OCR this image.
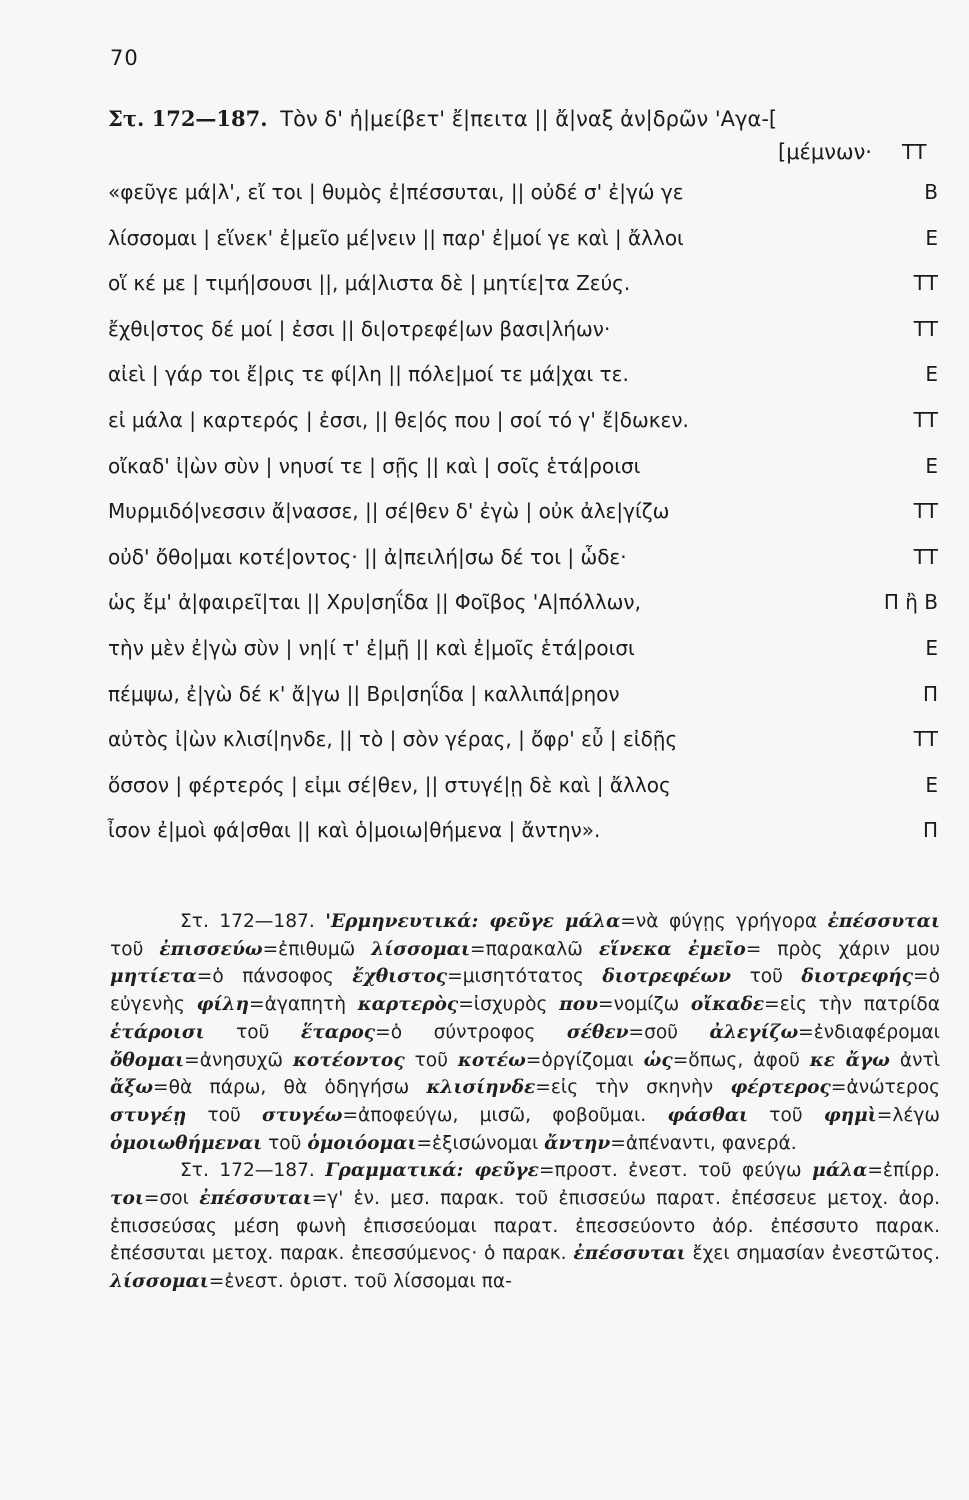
70
Στ. 172—187. Τὸν δ' ἠ|μείβετ' ἔ|πειτα || ἄ|ναξ ἀν|δρῶν 'Αγα-[
[μέμνων· ΤΤ
«φεῦγε μά|λ', εἴ τοι | θυμὸς ἐ|πέσσυται, || οὐδέ σ' ἐ|γώ γε	Β
λίσσομαι | εἵνεκ' ἐ|μεῖο μέ|νειν || παρ' ἐ|μοί γε καὶ | ἄλλοι	Ε
οἵ κέ με | τιμή|σουσι ||, μά|λιστα δὲ | μητίε|τα Ζεύς.	ΤΤ
ἔχθι|στος δέ μοί | ἐσσι || δι|οτρεφέ|ων βασι|λήων·	ΤΤ
αἰεὶ | γάρ τοι ἔ|ρις τε φί|λη || πόλε|μοί τε μά|χαι τε.	Ε
εἰ μάλα | καρτερός | ἐσσι, || θε|ός που | σοί τό γ' ἔ|δωκεν.	ΤΤ
οἴκαδ' ἰ|ὼν σὺν | νηυσί τε | σῇς || καὶ | σοῖς ἑτά|ροισι	Ε
Μυρμιδό|νεσσιν ἄ|νασσε, || σέ|θεν δ' ἐγὼ | οὐκ ἀλε|γίζω	ΤΤ
οὐδ' ὄθο|μαι κοτέ|οντος· || ἀ|πειλή|σω δέ τοι | ὧδε·	ΤΤ
ὡς ἔμ' ἀ|φαιρεῖ|ται || Χρυ|σηΐδα || Φοῖβος 'Α|πόλλων,	Π ἢ Β
τὴν μὲν ἐ|γὼ σὺν | νη|ί τ' ἐ|μῇ || καὶ ἐ|μοῖς ἑτά|ροισι	Ε
πέμψω, ἐ|γὼ δέ κ' ἄ|γω || Βρι|σηΐδα | καλλιπά|ρηον	Π
αὐτὸς ἰ|ὼν κλισί|ηνδε, || τὸ | σὸν γέρας, | ὄφρ' εὖ | εἰδῇς	ΤΤ
ὅσσον | φέρτερός | εἰμι σέ|θεν, || στυγέ|ῃ δὲ καὶ | ἄλλος	Ε
ἶσον ἐ|μοὶ φά|σθαι || καὶ ὁ|μοιω|θήμενα | ἄντην».	Π

Στ. 172—187. 'Ερμηνευτικά: φεῦγε μάλα=νὰ φύγῃς γρήγορα ἐπέσσυται τοῦ ἐπισσεύω=ἐπιθυμῶ λίσσομαι=παρακαλῶ εἵνεκα ἐμεῖο= πρὸς χάριν μου μητίετα=ὁ πάνσοφος ἔχθιστος=μισητότατος διοτρεφέων τοῦ διοτρεφής=ὁ εὐγενὴς φίλη=ἀγαπητὴ καρτερὸς=ἰσχυρὸς που=νομίζω οἴκαδε=εἰς τὴν πατρίδα ἑτάροισι τοῦ ἕταρος=ὁ σύντροφος σέθεν=σοῦ ἀλεγίζω=ἐνδιαφέρομαι ὄθομαι=ἀνησυχῶ κοτέοντος τοῦ κοτέω=ὀργίζομαι ὡς=ὅπως, ἀφοῦ κε ἄγω ἀντὶ ἄξω=θὰ πάρω, θὰ ὁδηγήσω κλισίηνδε=εἰς τὴν σκηνὴν φέρτερος=ἀνώτερος στυγέῃ τοῦ στυγέω=ἀποφεύγω, μισῶ, φοβοῦμαι. φάσθαι τοῦ φημὶ=λέγω ὁμοιωθήμεναι τοῦ ὁμοιόομαι=ἐξισώνομαι ἄντην=ἀπέναντι, φανερά.

Στ. 172—187. Γραμματικά: φεῦγε=προστ. ἐνεστ. τοῦ φεύγω μάλα=ἐπίρρ. τοι=σοι ἐπέσσυται=γ' ἑν. μεσ. παρακ. τοῦ ἐπισσεύω παρατ. ἐπέσσευε μετοχ. ἀορ. ἐπισσεύσας μέση φωνὴ ἐπισσεύομαι παρατ. ἐπεσσεύοντο ἀόρ. ἐπέσσυτο παρακ. ἐπέσσυται μετοχ. παρακ. ἐπεσσύμενος· ὁ παρακ. ἐπέσσυται ἔχει σημασίαν ἐνεστῶτος. λίσσομαι=ἐνεστ. ὁριστ. τοῦ λίσσομαι πα-
